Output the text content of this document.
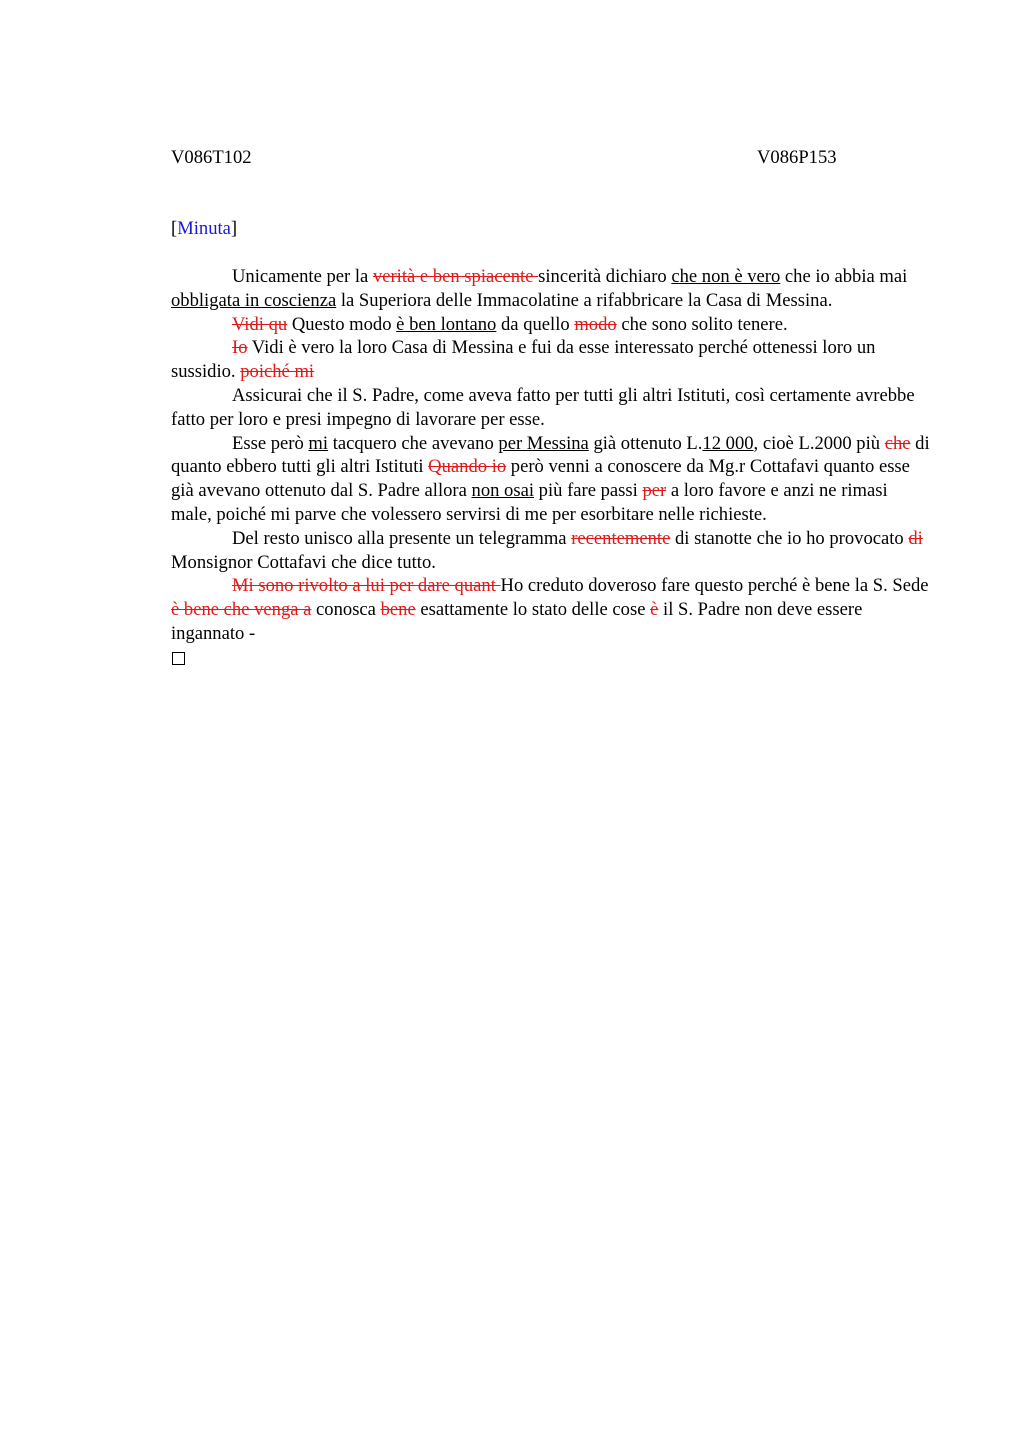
V086T102	V086P153
[Minuta]

Unicamente per la verità e ben spiacente sincerità dichiaro che non è vero che io abbia mai obbligata in coscienza la Superiora delle Immacolatine a rifabbricare la Casa di Messina.

Vidi qu Questo modo è ben lontano da quello modo che sono solito tenere.

Io Vidi è vero la loro Casa di Messina e fui da esse interessato perché ottenessi loro un sussidio. poiché mi

Assicurai che il S. Padre, come aveva fatto per tutti gli altri Istituti, così certamente avrebbe fatto per loro e presi impegno di lavorare per esse.

Esse però mi tacquero che avevano per Messina già ottenuto L.12 000, cioè L.2000 più che di quanto ebbero tutti gli altri Istituti Quando io però venni a conoscere da Mg.r Cottafavi quanto esse già avevano ottenuto dal S. Padre allora non osai più fare passi per a loro favore e anzi ne rimasi male, poiché mi parve che volessero servirsi di me per esorbitare nelle richieste.

Del resto unisco alla presente un telegramma recentemente di stanotte che io ho provocato di Monsignor Cottafavi che dice tutto.

Mi sono rivolto a lui per dare quant Ho creduto doveroso fare questo perché è bene la S. Sede è bene che venga a conosca bene esattamente lo stato delle cose è il S. Padre non deve essere ingannato -
